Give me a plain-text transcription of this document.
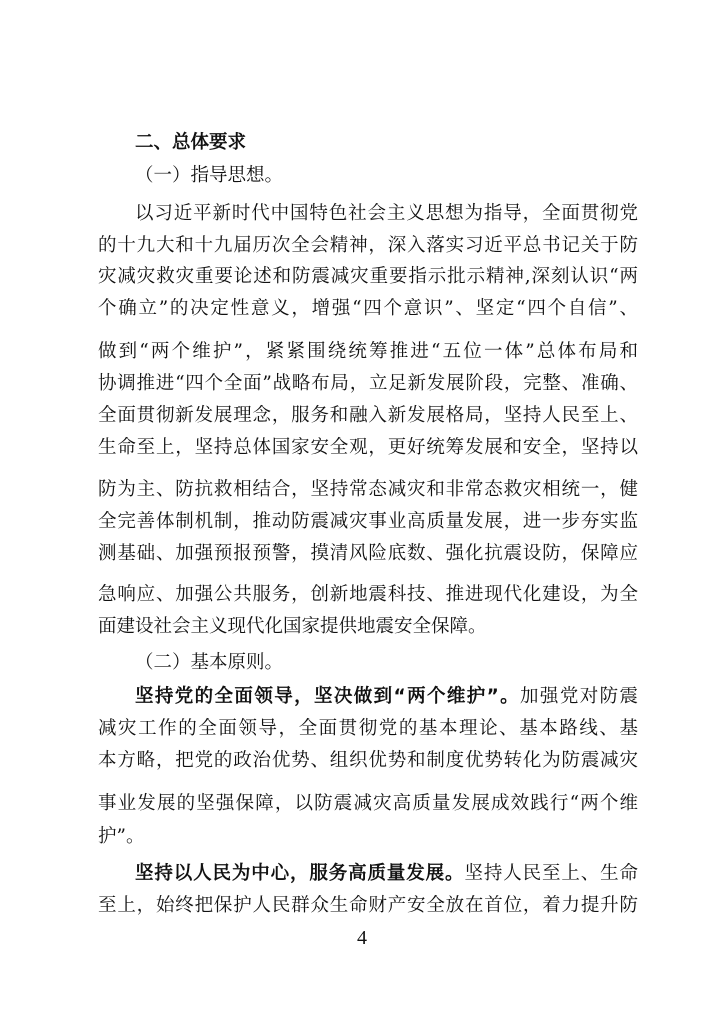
二、总体要求
（一）指导思想。
以习近平新时代中国特色社会主义思想为指导，全面贯彻党
的十九大和十九届历次全会精神，深入落实习近平总书记关于防
灾减灾救灾重要论述和防震减灾重要指示批示精神,深刻认识“两
个确立”的决定性意义，增强“四个意识”、坚定“四个自信”、
做到“两个维护”，紧紧围绕统筹推进“五位一体”总体布局和
协调推进“四个全面”战略布局，立足新发展阶段，完整、准确、
全面贯彻新发展理念，服务和融入新发展格局，坚持人民至上、
生命至上，坚持总体国家安全观，更好统筹发展和安全，坚持以
防为主、防抗救相结合，坚持常态减灾和非常态救灾相统一，健
全完善体制机制，推动防震减灾事业高质量发展，进一步夯实监
测基础、加强预报预警，摸清风险底数、强化抗震设防，保障应
急响应、加强公共服务，创新地震科技、推进现代化建设，为全
面建设社会主义现代化国家提供地震安全保障。
（二）基本原则。
坚持党的全面领导，坚决做到“两个维护”。加强党对防震
减灾工作的全面领导，全面贯彻党的基本理论、基本路线、基
本方略，把党的政治优势、组织优势和制度优势转化为防震减灾
事业发展的坚强保障，以防震减灾高质量发展成效践行“两个维
护”。
坚持以人民为中心，服务高质量发展。坚持人民至上、生命
至上，始终把保护人民群众生命财产安全放在首位，着力提升防
4
